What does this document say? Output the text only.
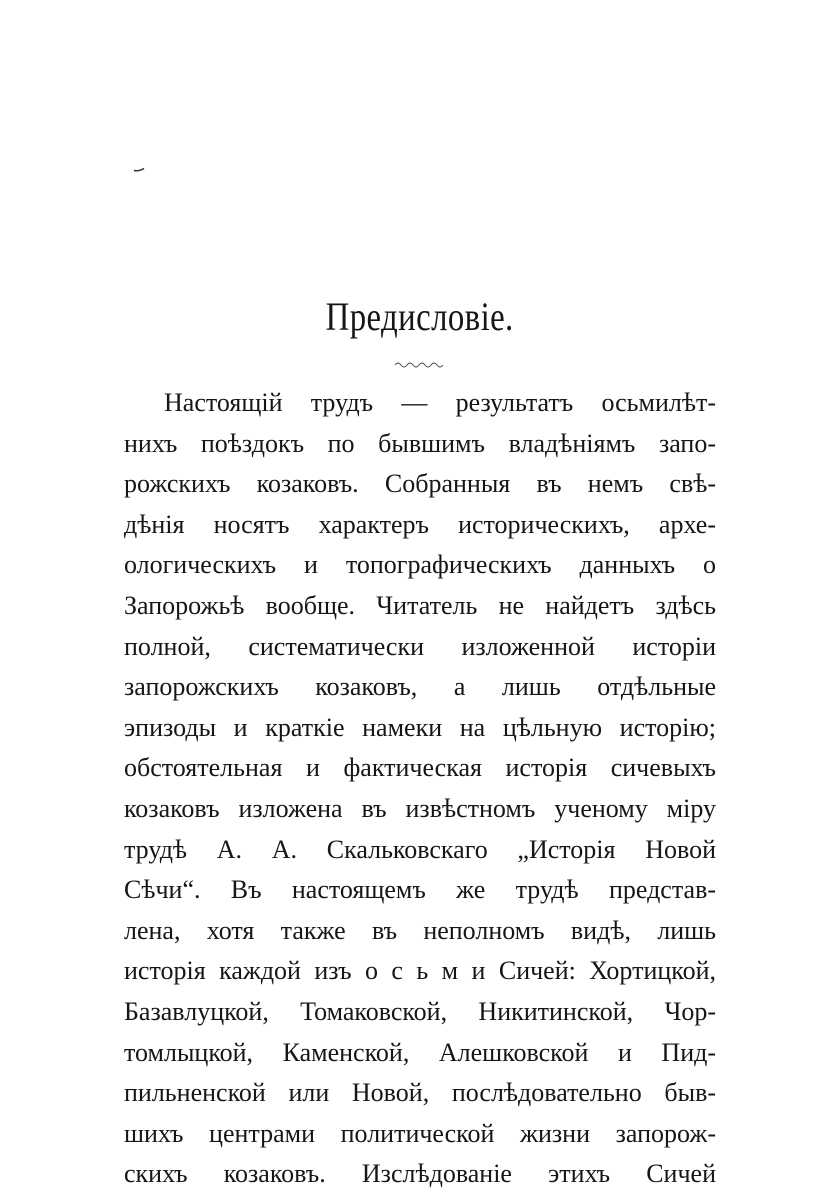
Предисловіе.
Настоящій трудъ — результатъ осьмилѣт-
нихъ поѣздокъ по бывшимъ владѣніямъ запо-
рожскихъ козаковъ. Собранныя въ немъ свѣ-
дѣнія носятъ характеръ историческихъ, архе-
ологическихъ и топографическихъ данныхъ о
Запорожьѣ вообще. Читатель не найдетъ здѣсь
полной, систематически изложенной исторіи
запорожскихъ козаковъ, а лишь отдѣльные
эпизоды и краткіе намеки на цѣльную исторію;
обстоятельная и фактическая исторія сичевыхъ
козаковъ изложена въ извѣстномъ ученому міру
трудѣ А. А. Скальковскаго „Исторія Новой
Сѣчи“. Въ настоящемъ же трудѣ представ-
лена, хотя также въ неполномъ видѣ, лишь
исторія каждой изъ о с ь м и Сичей: Хортицкой,
Базавлуцкой, Томаковской, Никитинской, Чор-
томлыцкой, Каменской, Алешковской и Пид-
пильненской или Новой, послѣдовательно быв-
шихъ центрами политической жизни запорож-
скихъ козаковъ. Изслѣдованіе этихъ Сичей
